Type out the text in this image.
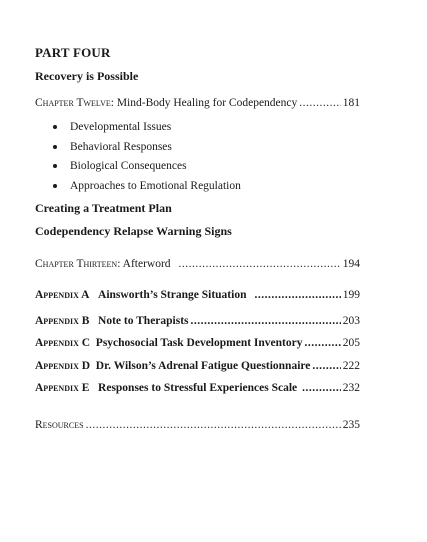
PART FOUR
Recovery is Possible
Chapter Twelve: Mind-Body Healing for Codependency .....	181
Developmental Issues
Behavioral Responses
Biological Consequences
Approaches to Emotional Regulation
Creating a Treatment Plan
Codependency Relapse Warning Signs
Chapter Thirteen: Afterword .....	194
Appendix A Ainsworth’s Strange Situation .....	199
Appendix B Note to Therapists .....	203
Appendix C Psychosocial Task Development Inventory .....	205
Appendix D Dr. Wilson’s Adrenal Fatigue Questionnaire .....	222
Appendix E Responses to Stressful Experiences Scale .....	232
Resources .....	235
